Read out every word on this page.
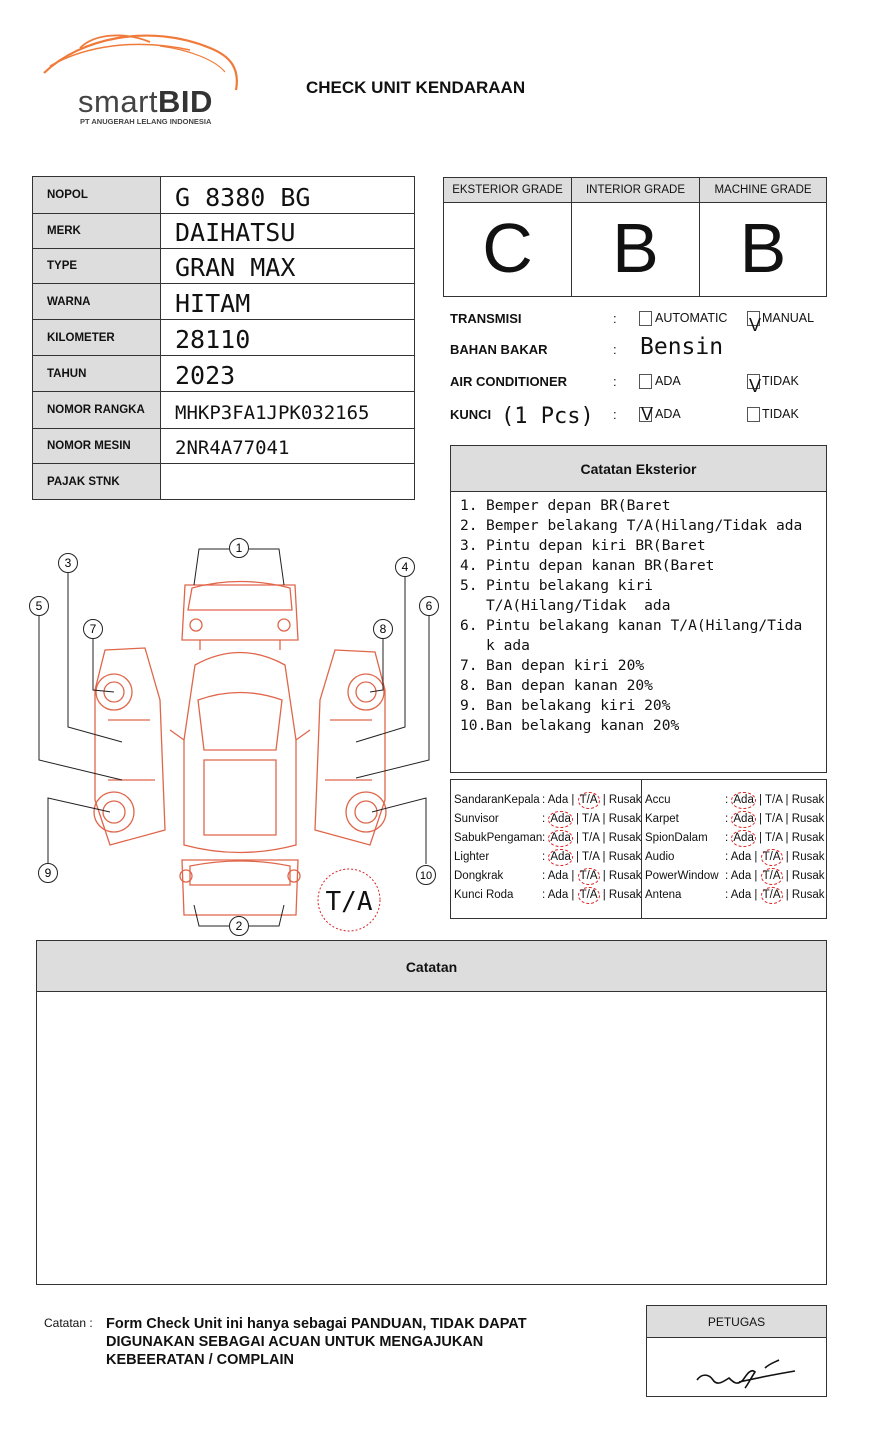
smartBID
PT ANUGERAH LELANG INDONESIA
CHECK UNIT KENDARAAN
NOPOL	G 8380 BG
MERK	DAIHATSU
TYPE	GRAN MAX
WARNA	HITAM
KILOMETER	28110
TAHUN	2023
NOMOR RANGKA	MHKP3FA1JPK032165
NOMOR MESIN	2NR4A77041
PAJAK STNK
EKSTERIOR GRADE
C
INTERIOR GRADE
B
MACHINE GRADE
B
TRANSMISI	:	AUTOMATIC V MANUAL
BAHAN BAKAR	: Bensin
AIR CONDITIONER	:	ADA	V TIDAK
KUNCI (1 Pcs) : V ADA	TIDAK
Catatan Eksterior
1. Bemper depan BR(Baret
2. Bemper belakang T/A(Hilang/Tidak ada
3. Pintu depan kiri BR(Baret
4. Pintu depan kanan BR(Baret
5. Pintu belakang kiri T/A(Hilang/Tidak  ada
6. Pintu belakang kanan T/A(Hilang/Tida k ada
7. Ban depan kiri 20%
8. Ban depan kanan 20%
9. Ban belakang kiri 20%
10. Ban belakang kanan 20%
SandaranKepala : Ada | T/A | Rusak
Sunvisor	: Ada | T/A | Rusak
SabukPengaman : Ada | T/A | Rusak
Lighter	: Ada | T/A | Rusak
Dongkrak	: Ada | T/A | Rusak
Kunci Roda : Ada | T/A | Rusak
Accu	: Ada | T/A | Rusak
Karpet	: Ada | T/A | Rusak
SpionDalam : Ada | T/A | Rusak
Audio	: Ada | T/A | Rusak
PowerWindow : Ada | T/A | Rusak
Antena	: Ada | T/A | Rusak
1
2
3	4
5	6
7	8
9	10
T/A
Catatan
Catatan : Form Check Unit ini hanya sebagai PANDUAN, TIDAK DAPAT DIGUNAKAN SEBAGAI ACUAN UNTUK MENGAJUKAN KEBEERATAN / COMPLAIN
PETUGAS
